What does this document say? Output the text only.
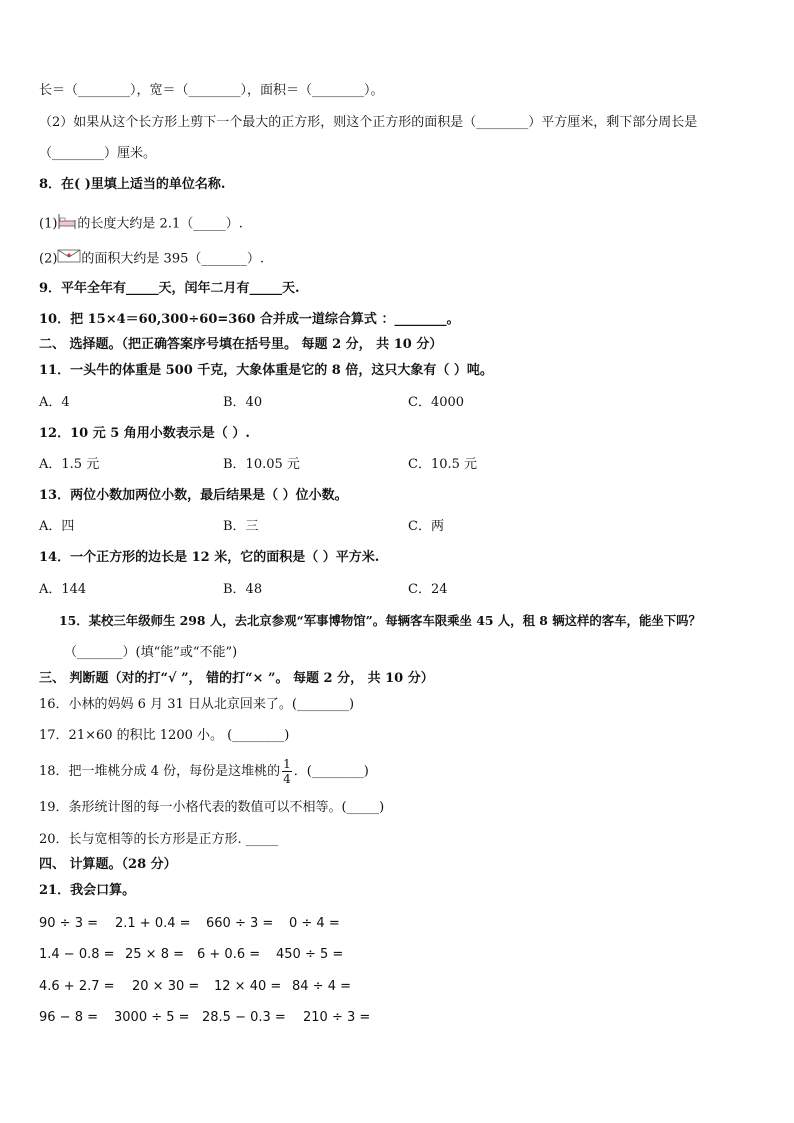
长＝（________），宽＝（________），面积＝（________）。
（2）如果从这个长方形上剪下一个最大的正方形，则这个正方形的面积是（________）平方厘米，剩下部分周长是
（________）厘米。
8．在( )里填上适当的单位名称.
(1) 的长度大约是 2.1（_____）.
(2) 的面积大约是 395（_______）.
9．平年全年有_____天，闰年二月有_____天.
10．把 15×4＝60,300÷60=360 合并成一道综合算式 ：________。
二、 选择题。（把正确答案序号填在括号里。 每题 2 分， 共 10 分）
11．一头牛的体重是 500 千克，大象体重是它的 8 倍，这只大象有（ ）吨。
A．4	B．40	C．4000
12．10 元 5 角用小数表示是（ ）.
A．1.5 元	B．10.05 元	C．10.5 元
13．两位小数加两位小数，最后结果是（ ）位小数。
A．四	B．三	C．两
14．一个正方形的边长是 12 米，它的面积是（ ）平方米.
A．144	B．48	C．24
15．某校三年级师生 298 人，去北京参观“军事博物馆”。每辆客车限乘坐 45 人，租 8 辆这样的客车，能坐下吗？
（_______）(填“能”或“不能”)
三、 判断题（对的打“√ ”， 错的打“× ”。 每题 2 分， 共 10 分）
16．小林的妈妈 6 月 31 日从北京回来了。(________)
17．21×60 的积比 1200 小。 (________)
18．把一堆桃分成 4 份，每份是这堆桃的 $\frac{1}{4}$ ．(________)
19．条形统计图的每一小格代表的数值可以不相等。(_____)
20．长与宽相等的长方形是正方形. _____
四、 计算题。（28 分）
21．我会口算。
90 ÷ 3 = 2.1 + 0.4 = 660 ÷ 3 = 0 ÷ 4 =
1.4 − 0.8 = 25 × 8 = 6 + 0.6 = 450 ÷ 5 =
4.6 + 2.7 = 20 × 30 = 12 × 40 = 84 ÷ 4 =
96 − 8 = 3000 ÷ 5 = 28.5 − 0.3 = 210 ÷ 3 =
